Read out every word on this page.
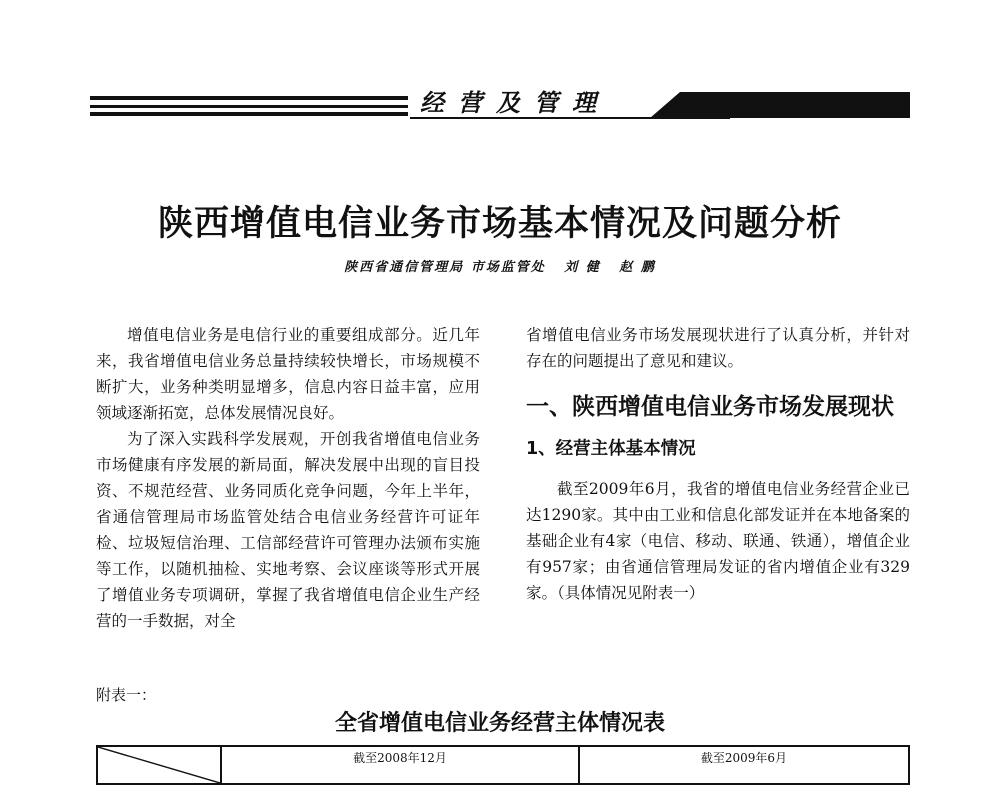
经营及管理
陕西增值电信业务市场基本情况及问题分析
陕西省通信管理局 市场监管处 刘 健 赵 鹏

增值电信业务是电信行业的重要组成部分。近几年来，我省增值电信业务总量持续较快增长，市场规模不断扩大，业务种类明显增多，信息内容日益丰富，应用领域逐渐拓宽，总体发展情况良好。

为了深入实践科学发展观，开创我省增值电信业务市场健康有序发展的新局面，解决发展中出现的盲目投资、不规范经营、业务同质化竞争问题，今年上半年，省通信管理局市场监管处结合电信业务经营许可证年检、垃圾短信治理、工信部经营许可管理办法颁布实施等工作，以随机抽检、实地考察、会议座谈等形式开展了增值业务专项调研，掌握了我省增值电信企业生产经营的一手数据，对全

省增值电信业务市场发展现状进行了认真分析，并针对存在的问题提出了意见和建议。

一、陕西增值电信业务市场发展现状

1、经营主体基本情况

截至2009年6月，我省的增值电信业务经营企业已达1290家。其中由工业和信息化部发证并在本地备案的基础企业有4家（电信、移动、联通、铁通），增值企业有957家；由省通信管理局发证的省内增值企业有329家。（具体情况见附表一）

附表一：
全省增值电信业务经营主体情况表
	截至2008年12月	截至2009年6月
